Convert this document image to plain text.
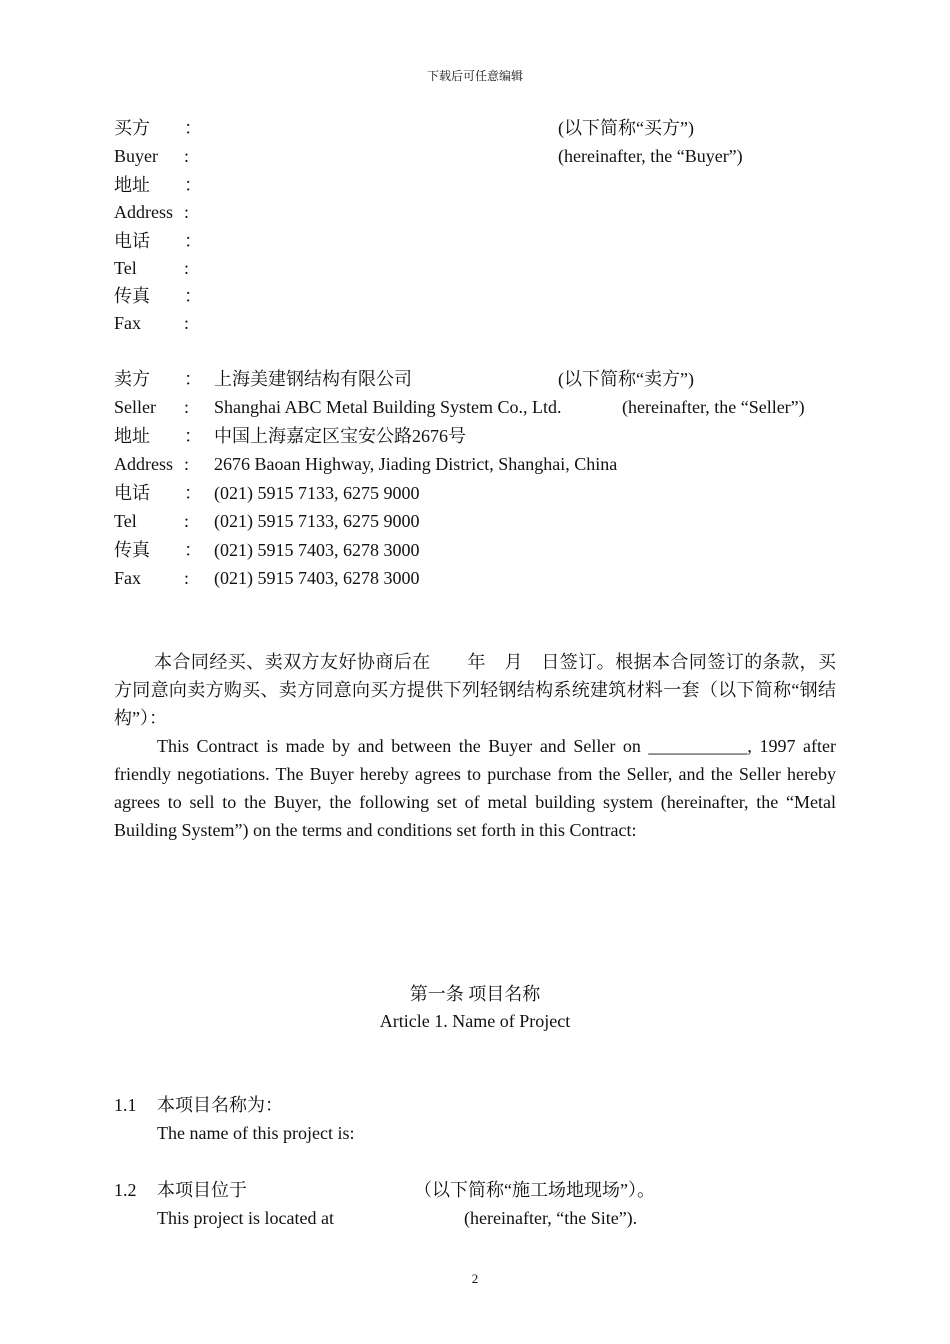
下载后可任意编辑
买方 ：	(以下简称“买方”)
Buyer :	(hereinafter, the “Buyer”)
地址 ：
Address :
电话 ：
Tel	:
传真 ：
Fax :
卖方 ： 上海美建钢结构有限公司	(以下简称“卖方”)
Seller : Shanghai ABC Metal Building System Co., Ltd.	(hereinafter, the “Seller”)
地址 ： 中国上海嘉定区宝安公路2676号
Address : 2676 Baoan Highway, Jiading District, Shanghai, China
电话 ： (021) 5915 7133, 6275 9000
Tel	: (021) 5915 7133, 6275 9000
传真 ： (021) 5915 7403, 6278 3000
Fax : (021) 5915 7403, 6278 3000

本合同经买、卖双方友好协商后在　　年　月　日签订。根据本合同签订的条款，买方同意向卖方购买、卖方同意向买方提供下列轻钢结构系统建筑材料一套（以下简称“钢结构”）：

This Contract is made by and between the Buyer and Seller on ___________, 1997 after friendly negotiations. The Buyer hereby agrees to purchase from the Seller, and the Seller hereby agrees to sell to the Buyer, the following set of metal building system (hereinafter, the “Metal Building System”) on the terms and conditions set forth in this Contract:

第一条 项目名称
Article 1. Name of Project
1.1 本项目名称为：
The name of this project is:
1.2 本项目位于	（以下简称“施工场地现场”）。
This project is located at	(hereinafter, “the Site”).
2
